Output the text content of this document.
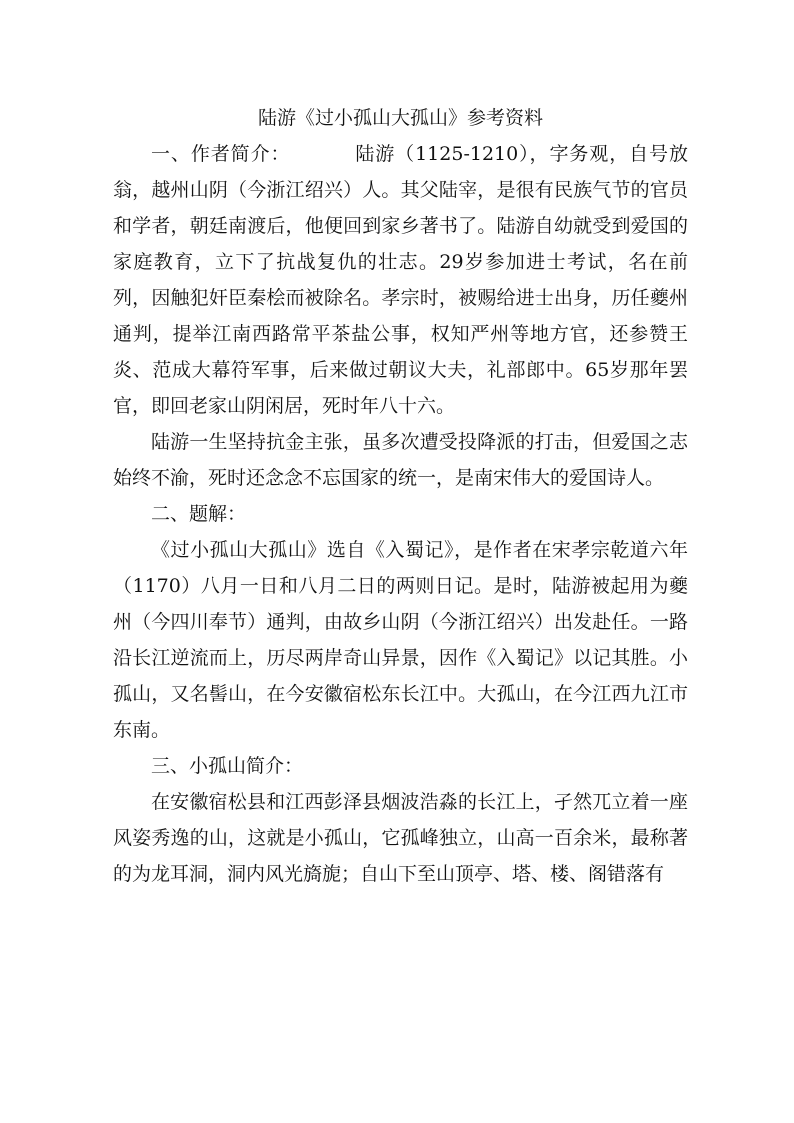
陆游《过小孤山大孤山》参考资料

一、作者简介：	陆游（1125-1210），字务观，自号放翁，越州山阴（今浙江绍兴）人。其父陆宰，是很有民族气节的官员和学者，朝廷南渡后，他便回到家乡著书了。陆游自幼就受到爱国的家庭教育，立下了抗战复仇的壮志。29岁参加进士考试，名在前列，因触犯奸臣秦桧而被除名。孝宗时，被赐给进士出身，历任夔州通判，提举江南西路常平茶盐公事，权知严州等地方官，还参赞王炎、范成大幕符军事，后来做过朝议大夫，礼部郎中。65岁那年罢官，即回老家山阴闲居，死时年八十六。

陆游一生坚持抗金主张，虽多次遭受投降派的打击，但爱国之志始终不渝，死时还念念不忘国家的统一，是南宋伟大的爱国诗人。

二、题解：

《过小孤山大孤山》选自《入蜀记》，是作者在宋孝宗乾道六年（1170）八月一日和八月二日的两则日记。是时，陆游被起用为夔州（今四川奉节）通判，由故乡山阴（今浙江绍兴）出发赴任。一路沿长江逆流而上，历尽两岸奇山异景，因作《入蜀记》以记其胜。小孤山，又名髻山，在今安徽宿松东长江中。大孤山，在今江西九江市东南。

三、小孤山简介：

在安徽宿松县和江西彭泽县烟波浩淼的长江上，孑然兀立着一座风姿秀逸的山，这就是小孤山，它孤峰独立，山高一百余米，最称著的为龙耳洞，洞内风光旖旎；自山下至山顶亭、塔、楼、阁错落有
